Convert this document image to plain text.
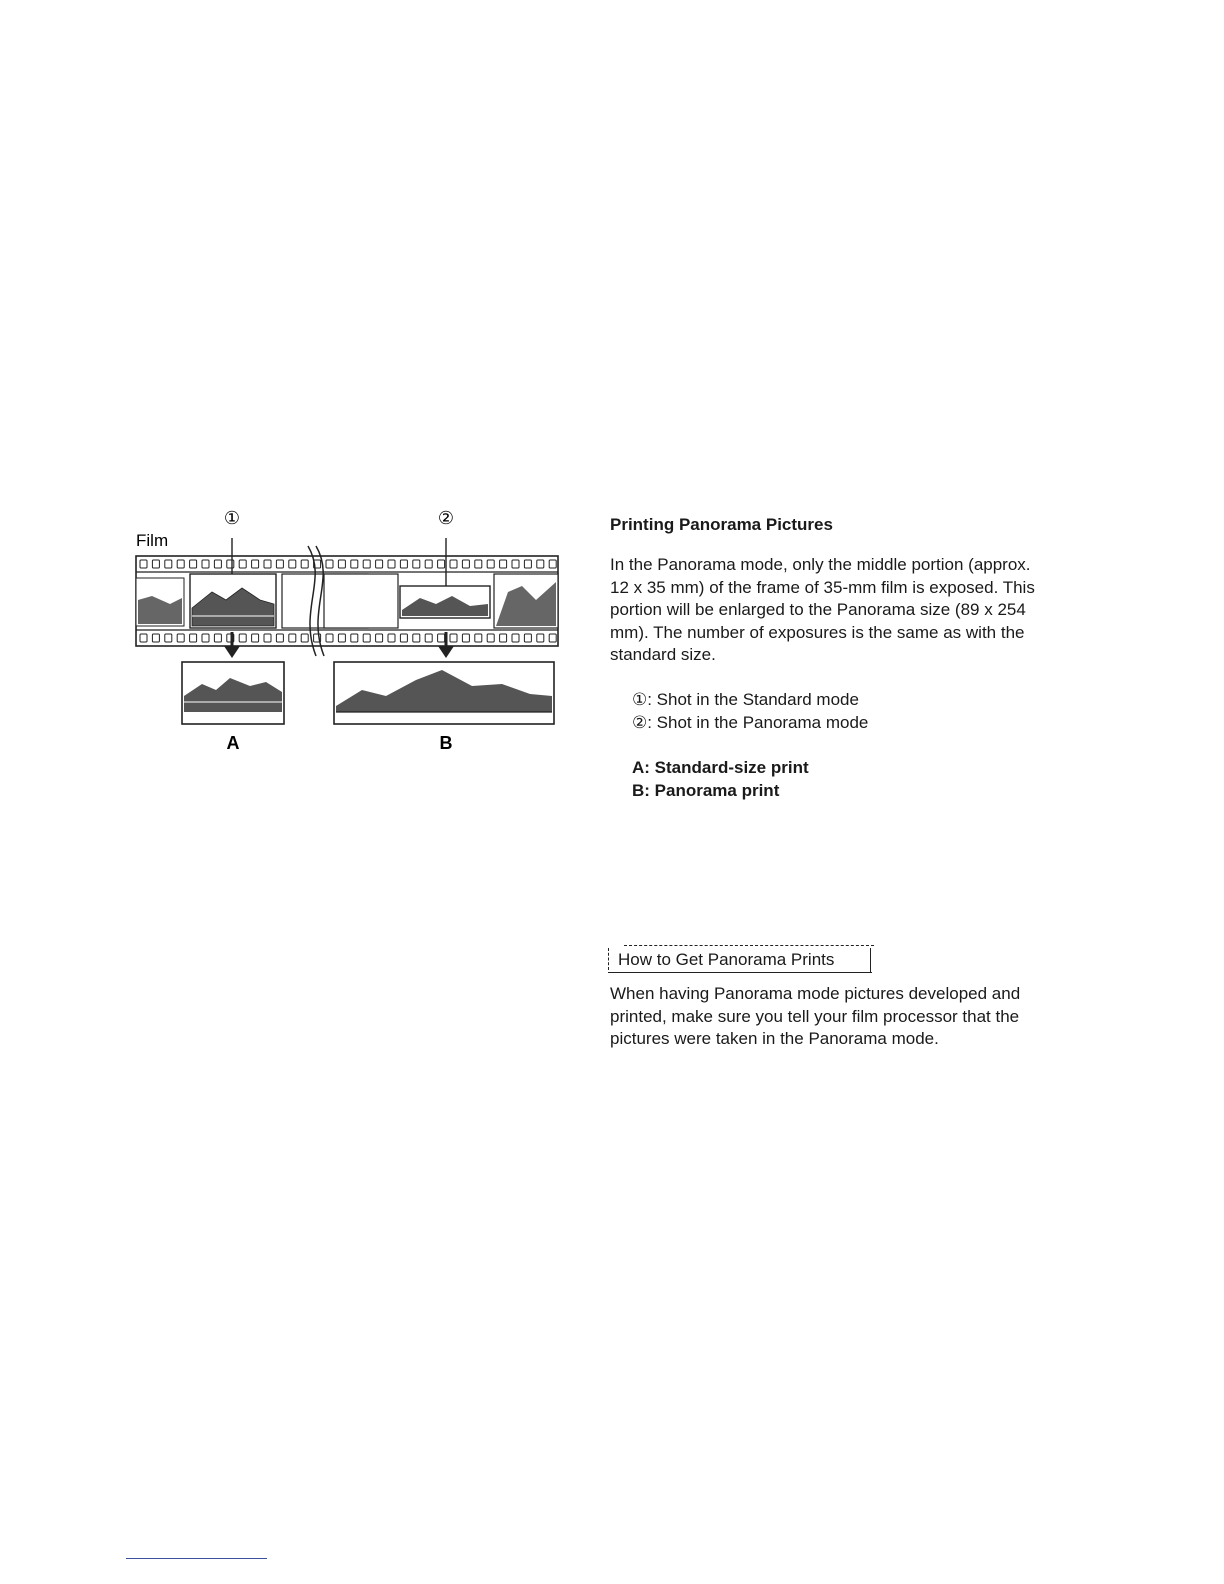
①	②
Film
A	B
Printing Panorama Pictures
In the Panorama mode, only the middle portion (approx. 12 x 35 mm) of the frame of 35-mm film is exposed. This portion will be enlarged to the Panorama size (89 x 254 mm). The number of exposures is the same as with the standard size.
①: Shot in the Standard mode
②: Shot in the Panorama mode
A: Standard-size print
B: Panorama print
How to Get Panorama Prints
When having Panorama mode pictures developed and printed, make sure you tell your film processor that the pictures were taken in the Panorama mode.
